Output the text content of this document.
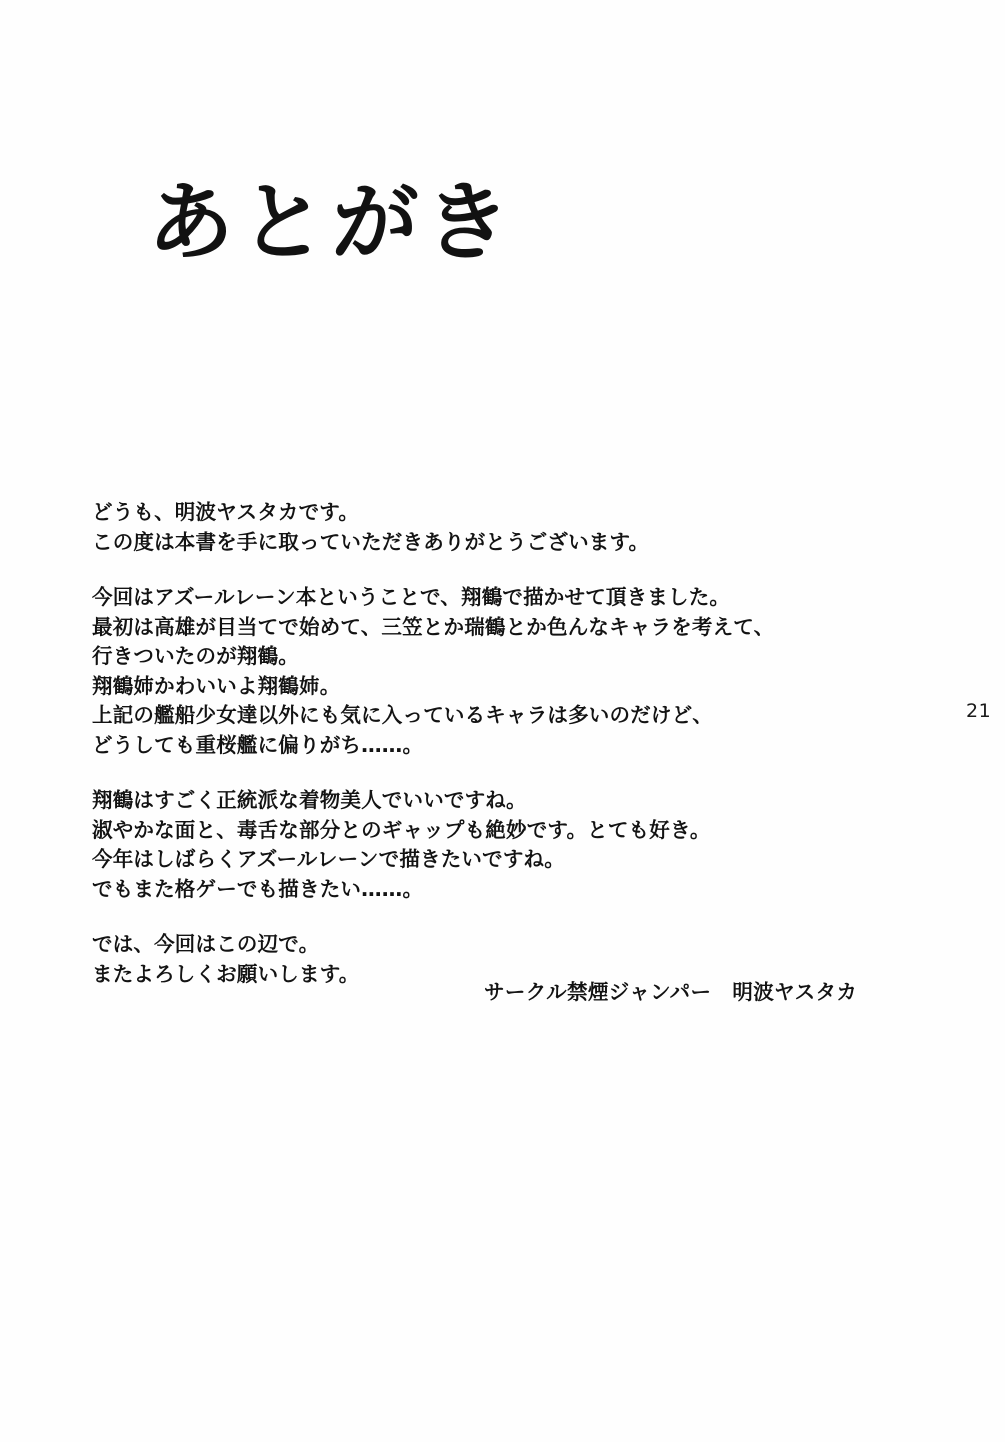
あとがき
どうも、明波ヤスタカです。
この度は本書を手に取っていただきありがとうございます。
今回はアズールレーン本ということで、翔鶴で描かせて頂きました。
最初は高雄が目当てで始めて、三笠とか瑞鶴とか色んなキャラを考えて、
行きついたのが翔鶴。
翔鶴姉かわいいよ翔鶴姉。
上記の艦船少女達以外にも気に入っているキャラは多いのだけど、
どうしても重桜艦に偏りがち……。
翔鶴はすごく正統派な着物美人でいいですね。
淑やかな面と、毒舌な部分とのギャップも絶妙です。とても好き。
今年はしばらくアズールレーンで描きたいですね。
でもまた格ゲーでも描きたい……。
では、今回はこの辺で。
またよろしくお願いします。
サークル禁煙ジャンパー　明波ヤスタカ
21
